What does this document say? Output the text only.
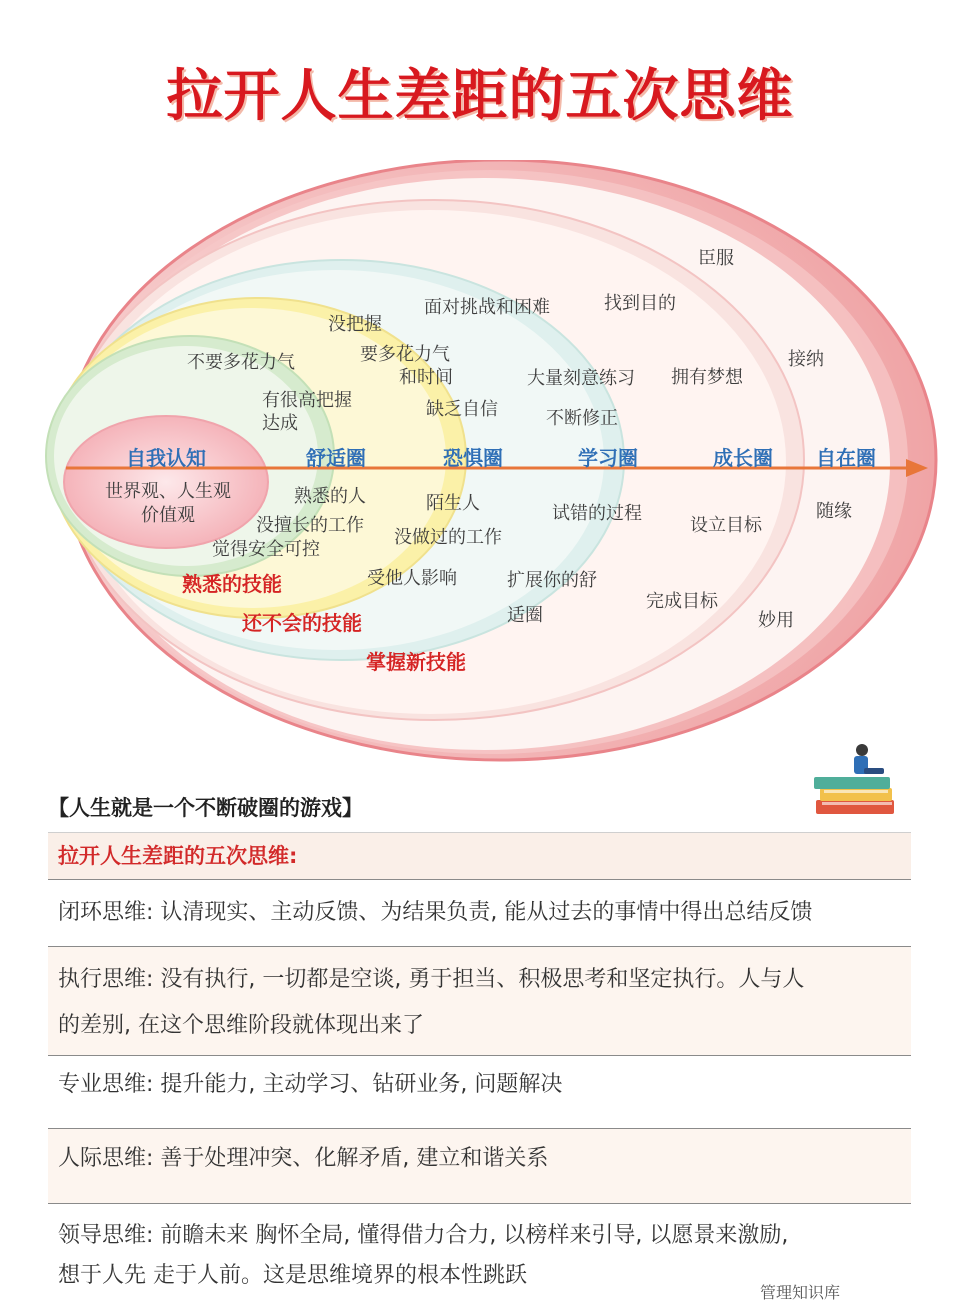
拉开人生差距的五次思维
自我认知	舒适圈	恐惧圈	学习圈	成长圈 自在圈
世界观、人生观
价值观
不要多花力气
有很高把握
达成
熟悉的人
没擅长的工作
觉得安全可控
没把握
要多花力气
和时间
缺乏自信
陌生人
没做过的工作
受他人影响
面对挑战和困难
大量刻意练习
不断修正
试错的过程
扩展你的舒
适圈
找到目的
拥有梦想
设立目标
完成目标
臣服
接纳
随缘
妙用
熟悉的技能
还不会的技能
掌握新技能
【人生就是一个不断破圈的游戏】
拉开人生差距的五次思维:
闭环思维: 认清现实、主动反馈、为结果负责, 能从过去的事情中得出总结反馈
执行思维: 没有执行, 一切都是空谈, 勇于担当、积极思考和坚定执行。人与人
的差别, 在这个思维阶段就体现出来了
专业思维: 提升能力, 主动学习、钻研业务, 问题解决
人际思维: 善于处理冲突、化解矛盾, 建立和谐关系
领导思维: 前瞻未来 胸怀全局, 懂得借力合力, 以榜样来引导, 以愿景来激励,
想于人先 走于人前。这是思维境界的根本性跳跃
管理知识库
